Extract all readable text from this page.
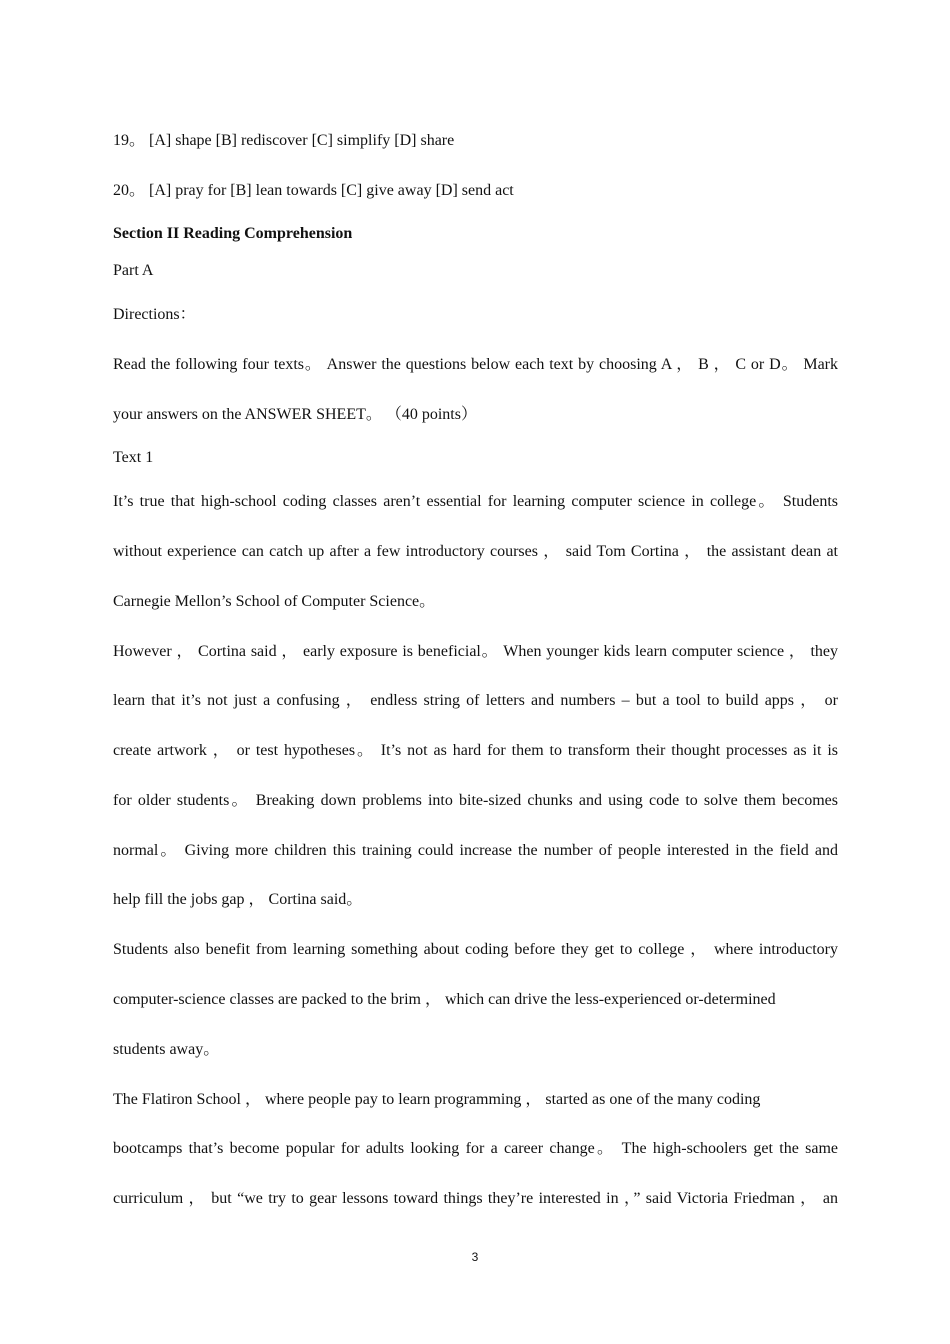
19。 [A] shape [B] rediscover [C] simplify [D] share
20。 [A] pray for [B] lean towards [C] give away [D] send act
Section II Reading Comprehension
Part A
Directions：
Read the following four texts。 Answer the questions below each text by choosing A ， B ， C or D。 Mark
your answers on the ANSWER SHEET。 （40 points）
Text 1
It’s true that high-school coding classes aren’t essential for learning computer science in college。 Students
without experience can catch up after a few introductory courses ， said Tom Cortina ， the assistant dean at
Carnegie Mellon’s School of Computer Science。
However ， Cortina said ， early exposure is beneficial。 When younger kids learn computer science ， they
learn that it’s not just a confusing ， endless string of letters and numbers – but a tool to build apps ， or
create artwork ， or test hypotheses。 It’s not as hard for them to transform their thought processes as it is
for older students。 Breaking down problems into bite-sized chunks and using code to solve them becomes
normal。 Giving more children this training could increase the number of people interested in the field and
help fill the jobs gap ， Cortina said。
Students also benefit from learning something about coding before they get to college ， where introductory
computer-science classes are packed to the brim ， which can drive the less-experienced or-determined
students away。
The Flatiron School ， where people pay to learn programming ， started as one of the many coding
bootcamps that’s become popular for adults looking for a career change。 The high-schoolers get the same
curriculum ， but “we try to gear lessons toward things they’re interested in ，” said Victoria Friedman ， an
3
